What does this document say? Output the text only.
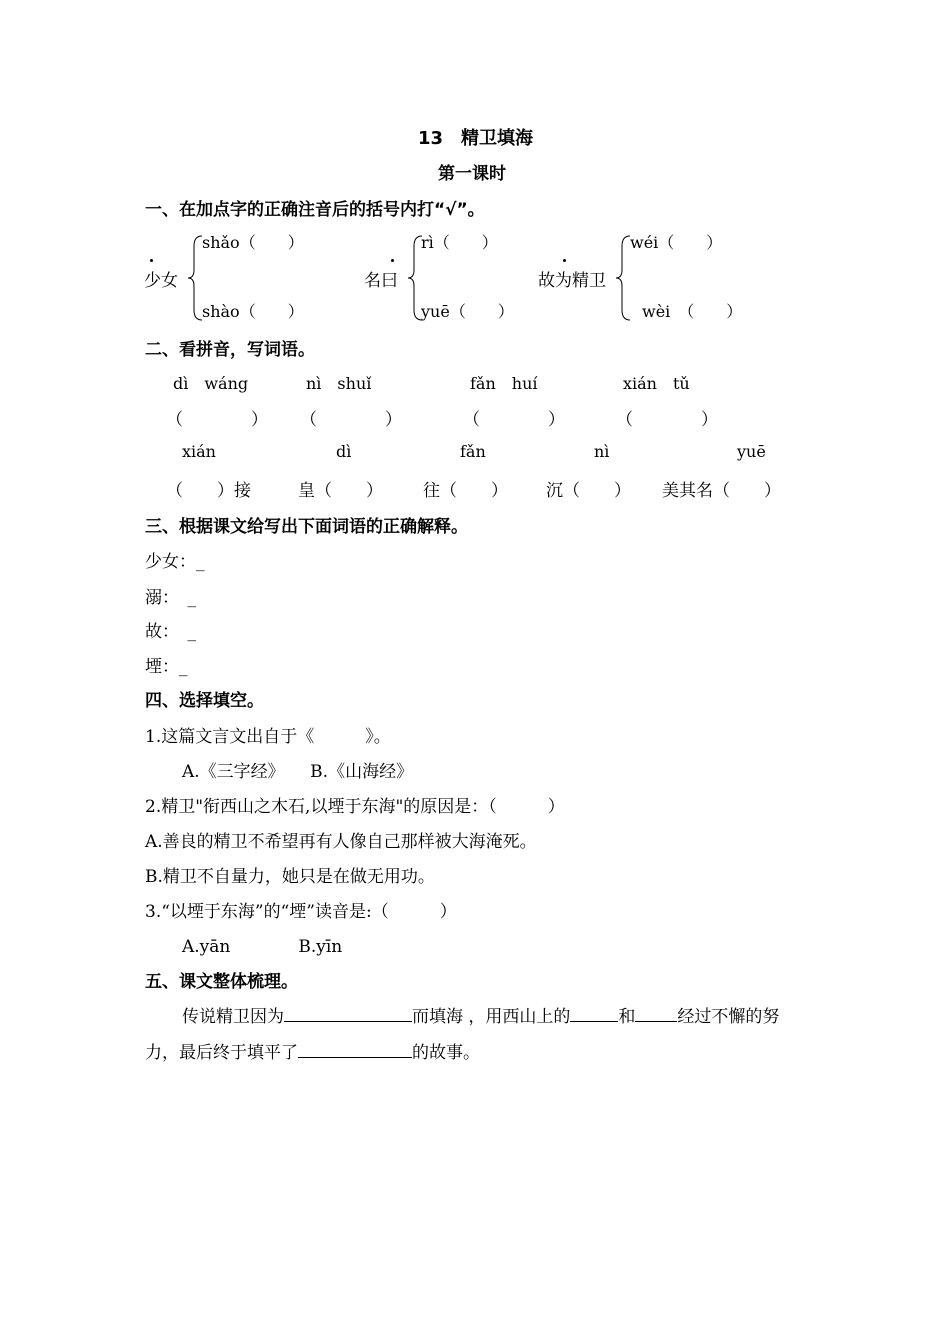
13　精卫填海
第一课时
一、在加点字的正确注音后的括号内打“√”。
少女
shǎo（　　）
shào（　　）
名曰
rì（　　）
yuē（　　）
故为精卫
wéi（　　）
wèi　（　　）
二、看拼音，写词语。
dì　wáng	nì　shuǐ	fǎn　huí	xián　tǔ
（　　　　） （　　　　）	（　　　　）	（　　　　）
xián	dì	fǎn	nì	yuē
（　　）接	皇（　　） 往（　　） 沉（　　） 美其名（　　）
三、根据课文给写出下面词语的正确解释。
少女：_
溺：　_
故：　_
堙：_
四、选择填空。
1.这篇文言文出自于《　　　》。
A.《三字经》　　B.《山海经》
2.精卫"衔西山之木石,以堙于东海"的原因是：（　　　）
A.善良的精卫不希望再有人像自己那样被大海淹死。
B.精卫不自量力，她只是在做无用功。
3.“以堙于东海”的“堙”读音是:（　　　）
A.yān　　　　B.yīn
五、课文整体梳理。
传说精卫因为	而填海 ，用西山上的	和 经过不懈的努
力，最后终于填平了	的故事。
